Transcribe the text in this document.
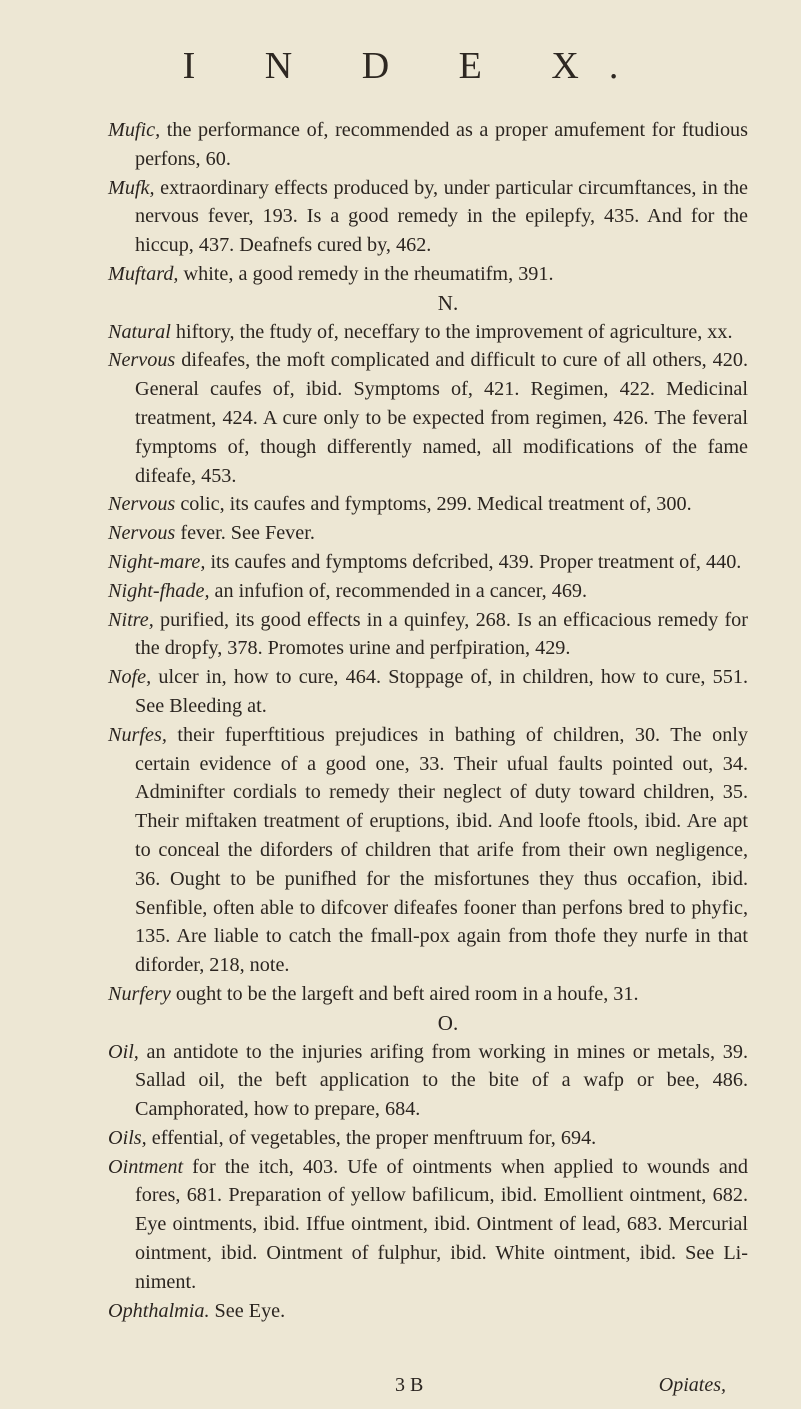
I N D E X.

Mufic, the performance of, recommended as a proper amufement for ftudious perfons, 60.

Mufk, extraordinary effects produced by, under particular circumftances, in the nervous fever, 193. Is a good remedy in the epilepfy, 435. And for the hiccup, 437. Deafnefs cured by, 462.

Muftard, white, a good remedy in the rheumatifm, 391.

N.

Natural hiftory, the ftudy of, neceffary to the improvement of agriculture, xx.

Nervous difeafes, the moft complicated and difficult to cure of all others, 420. General caufes of, ibid. Symptoms of, 421. Regimen, 422. Medicinal treatment, 424. A cure only to be expected from regimen, 426. The feveral fymptoms of, though differently named, all modifications of the fame difeafe, 453.

Nervous colic, its caufes and fymptoms, 299. Medical treatment of, 300.

Nervous fever. See Fever.

Night-mare, its caufes and fymptoms defcribed, 439. Proper treatment of, 440.

Night-fhade, an infufion of, recommended in a cancer, 469.

Nitre, purified, its good effects in a quinfey, 268. Is an efficacious remedy for the dropfy, 378. Promotes urine and perfpiration, 429.

Nofe, ulcer in, how to cure, 464. Stoppage of, in children, how to cure, 551. See Bleeding at.

Nurfes, their fuperftitious prejudices in bathing of children, 30. The only certain evidence of a good one, 33. Their ufual faults pointed out, 34. Adminifter cordials to remedy their neglect of duty toward children, 35. Their miftaken treatment of eruptions, ibid. And loofe ftools, ibid. Are apt to conceal the diforders of children that arife from their own negligence, 36. Ought to be punifhed for the misfortunes they thus occafion, ibid. Senfible, often able to difcover difeafes fooner than perfons bred to phyfic, 135. Are liable to catch the fmall-pox again from thofe they nurfe in that diforder, 218, note.

Nurfery ought to be the largeft and beft aired room in a houfe, 31.

O.

Oil, an antidote to the injuries arifing from working in mines or metals, 39. Sallad oil, the beft application to the bite of a wafp or bee, 486. Camphorated, how to prepare, 684.

Oils, effential, of vegetables, the proper menftruum for, 694.

Ointment for the itch, 403. Ufe of ointments when applied to wounds and fores, 681. Preparation of yellow bafilicum, ibid. Emollient ointment, 682. Eye ointments, ibid. Iffue ointment, ibid. Ointment of lead, 683. Mercurial ointment, ibid. Ointment of fulphur, ibid. White ointment, ibid. See Liniment.

Ophthalmia. See Eye.

3 B	Opiates,
